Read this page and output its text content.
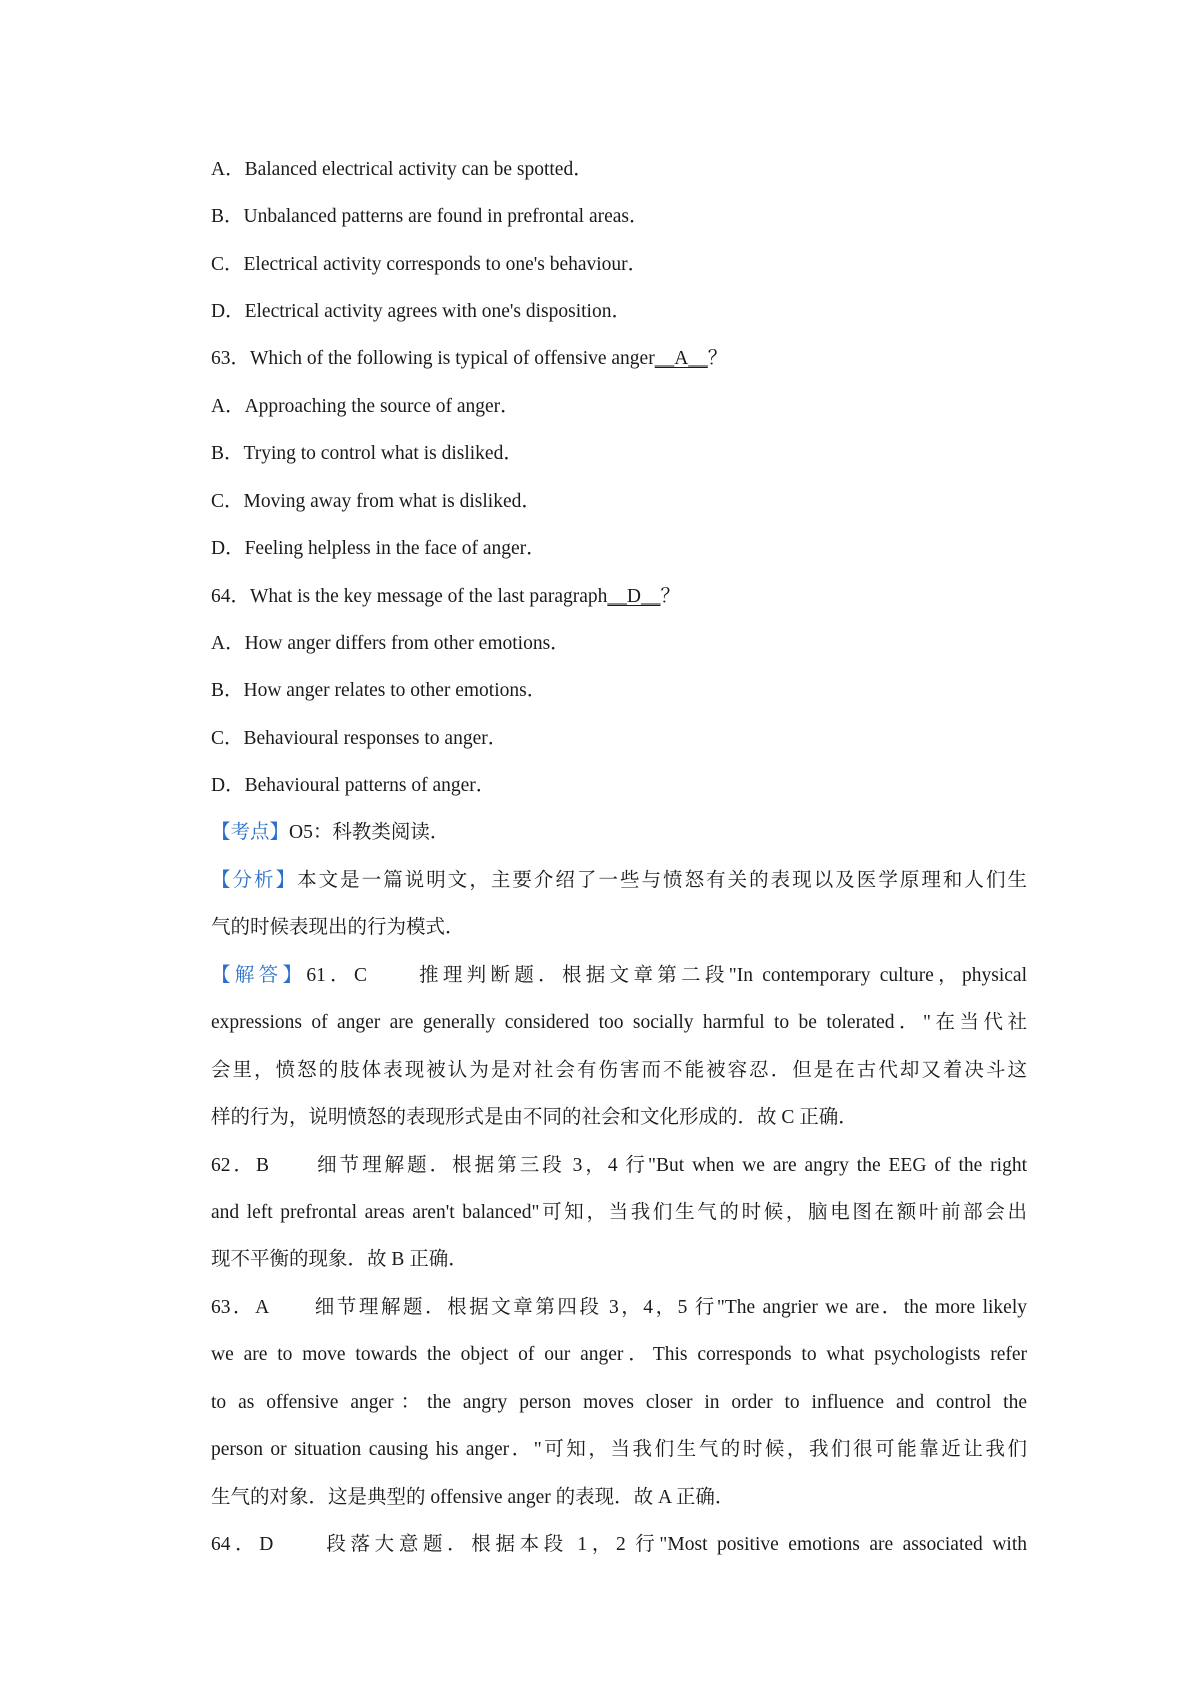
A．Balanced electrical activity can be spotted．
B．Unbalanced patterns are found in prefrontal areas．
C．Electrical activity corresponds to one's behaviour．
D．Electrical activity agrees with one's disposition．
63．Which of the following is typical of offensive anger__A__？
A．Approaching the source of anger．
B．Trying to control what is disliked．
C．Moving away from what is disliked．
D．Feeling helpless in the face of anger．
64．What is the key message of the last paragraph__D__？
A．How anger differs from other emotions．
B．How anger relates to other emotions．
C．Behavioural responses to anger．
D．Behavioural patterns of anger．
【考点】O5：科教类阅读．
【分析】本文是一篇说明文，主要介绍了一些与愤怒有关的表现以及医学原理和人们生
气的时候表现出的行为模式．
【解答】61．C　　推理判断题．根据文章第二段"In contemporary culture，physical
expressions of anger are generally considered too socially harmful to be tolerated．"在当代社
会里，愤怒的肢体表现被认为是对社会有伤害而不能被容忍．但是在古代却又着决斗这
样的行为，说明愤怒的表现形式是由不同的社会和文化形成的．故 C 正确．
62．B　　细节理解题．根据第三段 3，4 行"But when we are angry the EEG of the right
and left prefrontal areas aren't balanced"可知，当我们生气的时候，脑电图在额叶前部会出
现不平衡的现象．故 B 正确．
63．A　　细节理解题．根据文章第四段 3，4，5 行"The angrier we are．the more likely
we are to move towards the object of our anger．This corresponds to what psychologists refer
to as offensive anger：the angry person moves closer in order to influence and control the
person or situation causing his anger．"可知，当我们生气的时候，我们很可能靠近让我们
生气的对象．这是典型的 offensive anger 的表现．故 A 正确．
64．D　　段落大意题．根据本段 1，2 行"Most positive emotions are associated with
